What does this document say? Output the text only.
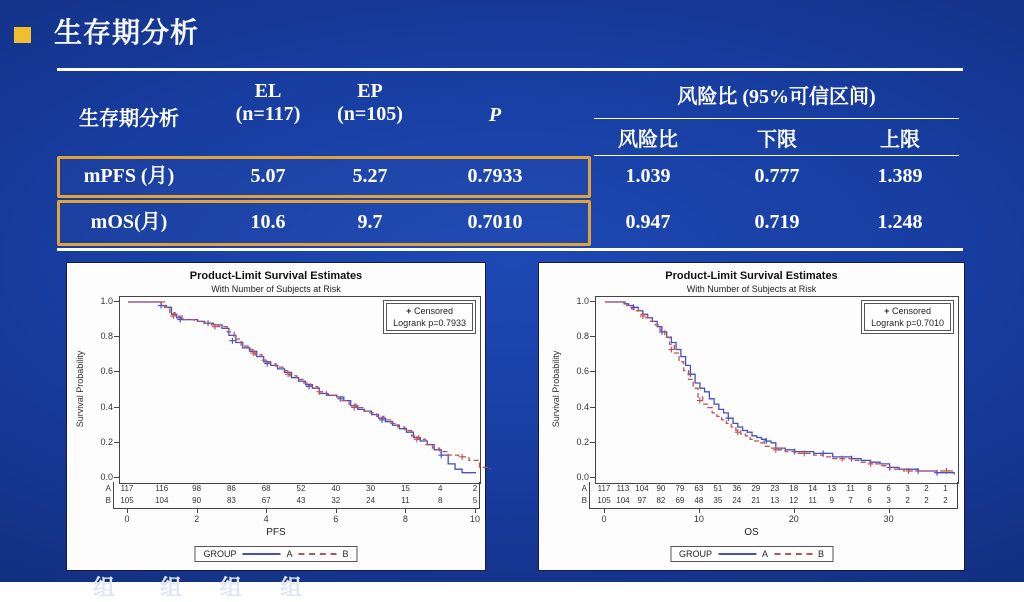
生存期分析
生存期分析
EL
(n=117)
EP
(n=105)	P
风险比 (95%可信区间)
风险比	下限	上限
mPFS (月)	5.07	5.27	0.7933	1.039	0.777	1.389
mOS(月)	10.6	9.7	0.7010	0.947	0.719	1.248
Product-Limit Survival Estimates
With Number of Subjects at Risk
Survival Probability
+ Censored
Logrank p=0.7933
PFS
GROUP	A	B
0.0
0.2
0.4
0.6
0.8
1.0
A	117	116	98	86	68	52	40	30	15	4	2
B	105	104	90	83	67	43	32	24	11	8	5
0	2	4	6	8	10
Product-Limit Survival Estimates
With Number of Subjects at Risk
Survival Probability
+ Censored
Logrank p=0.7010
OS
GROUP	A	B
0.0
0.2
0.4
0.6
0.8
1.0
A	117 113 104 90	79	63	51	36	29	23	18	14	13	11	8	6	3	2	1
B	105 104 97	82	69	48	35	24	21	13	12	11	9	7	6	3	2	2	2
0	10	20	30
组 组 组 组
